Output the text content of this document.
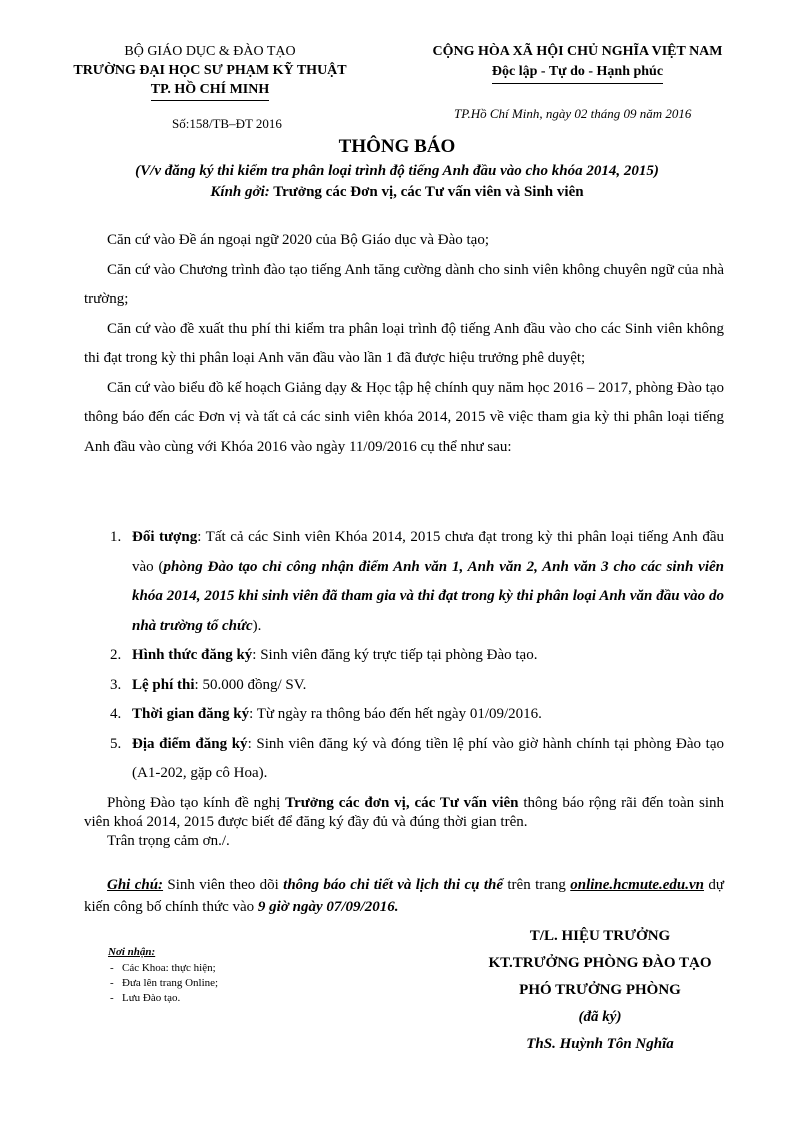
BỘ GIÁO DỤC & ĐÀO TẠO
TRƯỜNG ĐẠI HỌC SƯ PHẠM KỸ THUẬT
TP. HỒ CHÍ MINH
CỘNG HÒA XÃ HỘI CHỦ NGHĨA VIỆT NAM
Độc lập - Tự do - Hạnh phúc
TP.Hồ Chí Minh, ngày 02 tháng 09 năm 2016
Số:158/TB–ĐT 2016
THÔNG BÁO
(V/v đăng ký thi kiểm tra phân loại trình độ tiếng Anh đầu vào cho khóa 2014, 2015)
Kính gởi: Trưởng các Đơn vị, các Tư vấn viên và Sinh viên

Căn cứ vào Đề án ngoại ngữ 2020 của Bộ Giáo dục và Đào tạo;

Căn cứ vào Chương trình đào tạo tiếng Anh tăng cường dành cho sinh viên không chuyên ngữ của nhà trường;

Căn cứ vào đề xuất thu phí thi kiểm tra phân loại trình độ tiếng Anh đầu vào cho các Sinh viên không thi đạt trong kỳ thi phân loại Anh văn đầu vào lần 1 đã được hiệu trưởng phê duyệt;

Căn cứ vào biểu đồ kế hoạch Giảng dạy & Học tập hệ chính quy năm học 2016 – 2017, phòng Đào tạo thông báo đến các Đơn vị và tất cả các sinh viên khóa 2014, 2015 về việc tham gia kỳ thi phân loại tiếng Anh đầu vào cùng với Khóa 2016 vào ngày 11/09/2016 cụ thể như sau:

1. Đối tượng: Tất cả các Sinh viên Khóa 2014, 2015 chưa đạt trong kỳ thi phân loại tiếng Anh đầu vào (phòng Đào tạo chỉ công nhận điểm Anh văn 1, Anh văn 2, Anh văn 3 cho các sinh viên khóa 2014, 2015 khi sinh viên đã tham gia và thi đạt trong kỳ thi phân loại Anh văn đầu vào do nhà trường tổ chức).
2. Hình thức đăng ký: Sinh viên đăng ký trực tiếp tại phòng Đào tạo.
3. Lệ phí thi: 50.000 đồng/ SV.
4. Thời gian đăng ký: Từ ngày ra thông báo đến hết ngày 01/09/2016.
5. Địa điểm đăng ký: Sinh viên đăng ký và đóng tiền lệ phí vào giờ hành chính tại phòng Đào tạo (A1-202, gặp cô Hoa).

Phòng Đào tạo kính đề nghị Trưởng các đơn vị, các Tư vấn viên thông báo rộng rãi đến toàn sinh viên khoá 2014, 2015 được biết để đăng ký đầy đủ và đúng thời gian trên.

Trân trọng cảm ơn./.

Ghi chú: Sinh viên theo dõi thông báo chi tiết và lịch thi cụ thể trên trang online.hcmute.edu.vn dự kiến công bố chính thức vào 9 giờ ngày 07/09/2016.

Nơi nhận:
- Các Khoa: thực hiện;
- Đưa lên trang Online;
- Lưu Đào tạo.
T/L. HIỆU TRƯỞNG
KT.TRƯỞNG PHÒNG ĐÀO TẠO
PHÓ TRƯỞNG PHÒNG
(đã ký)
ThS. Huỳnh Tôn Nghĩa
